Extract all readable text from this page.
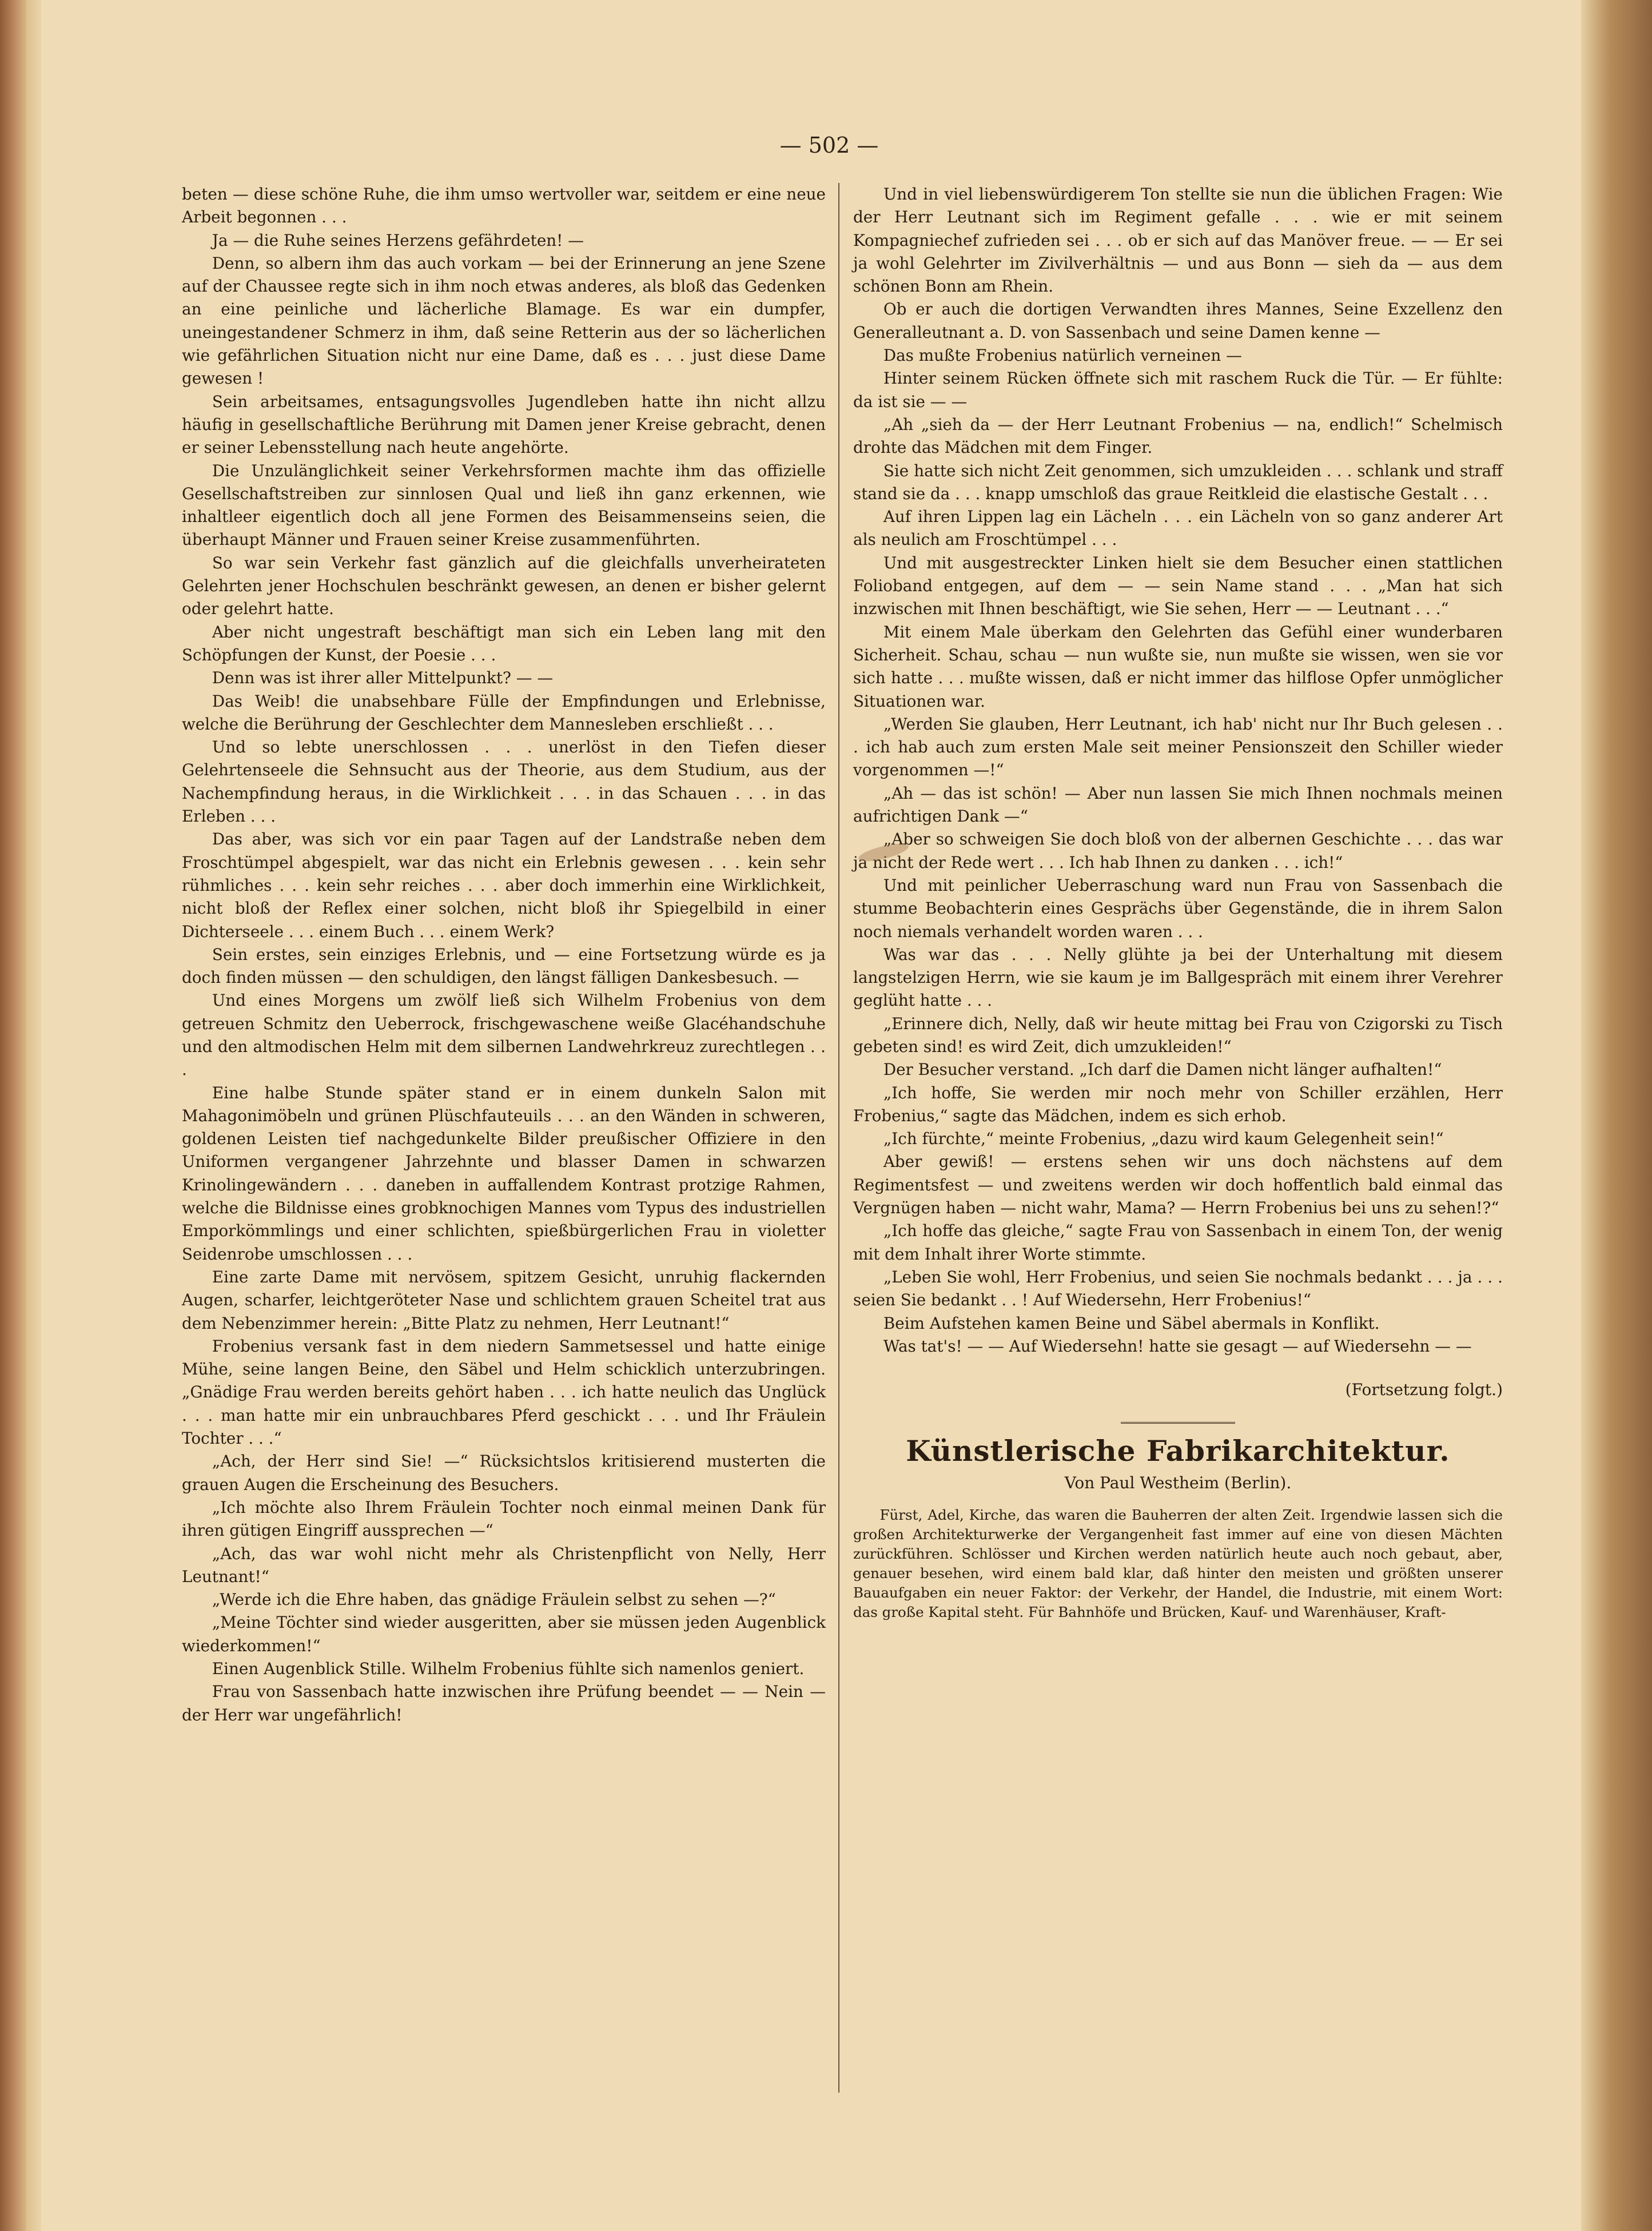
— 502 —

beten — diese schöne Ruhe, die ihm umso wertvoller war, seitdem er eine neue Arbeit begonnen . . .

Ja — die Ruhe seines Herzens gefährdeten! —

Denn, so albern ihm das auch vorkam — bei der Erinnerung an jene Szene auf der Chaussee regte sich in ihm noch etwas anderes, als bloß das Gedenken an eine peinliche und lächerliche Blamage. Es war ein dumpfer, uneingestandener Schmerz in ihm, daß seine Retterin aus der so lächerlichen wie gefährlichen Situation nicht nur eine Dame, daß es . . . just diese Dame gewesen !

Sein arbeitsames, entsagungsvolles Jugendleben hatte ihn nicht allzu häufig in gesellschaftliche Berührung mit Damen jener Kreise gebracht, denen er seiner Lebensstellung nach heute angehörte.

Die Unzulänglichkeit seiner Verkehrsformen machte ihm das offizielle Gesellschaftstreiben zur sinnlosen Qual und ließ ihn ganz erkennen, wie inhaltleer eigentlich doch all jene Formen des Beisammenseins seien, die überhaupt Männer und Frauen seiner Kreise zusammenführten.

So war sein Verkehr fast gänzlich auf die gleichfalls unverheirateten Gelehrten jener Hochschulen beschränkt gewesen, an denen er bisher gelernt oder gelehrt hatte.

Aber nicht ungestraft beschäftigt man sich ein Leben lang mit den Schöpfungen der Kunst, der Poesie . . .

Denn was ist ihrer aller Mittelpunkt? — —

Das Weib! die unabsehbare Fülle der Empfindungen und Erlebnisse, welche die Berührung der Geschlechter dem Mannesleben erschließt . . .

Und so lebte unerschlossen . . . unerlöst in den Tiefen dieser Gelehrtenseele die Sehnsucht aus der Theorie, aus dem Studium, aus der Nachempfindung heraus, in die Wirklichkeit . . . in das Schauen . . . in das Erleben . . .

Das aber, was sich vor ein paar Tagen auf der Landstraße neben dem Froschtümpel abgespielt, war das nicht ein Erlebnis gewesen . . . kein sehr rühmliches . . . kein sehr reiches . . . aber doch immerhin eine Wirklichkeit, nicht bloß der Reflex einer solchen, nicht bloß ihr Spiegelbild in einer Dichterseele . . . einem Buch . . . einem Werk?

Sein erstes, sein einziges Erlebnis, und — eine Fortsetzung würde es ja doch finden müssen — den schuldigen, den längst fälligen Dankesbesuch. —

Und eines Morgens um zwölf ließ sich Wilhelm Frobenius von dem getreuen Schmitz den Ueberrock, frischgewaschene weiße Glacéhandschuhe und den altmodischen Helm mit dem silbernen Landwehrkreuz zurechtlegen . . .

Eine halbe Stunde später stand er in einem dunkeln Salon mit Mahagonimöbeln und grünen Plüschfauteuils . . . an den Wänden in schweren, goldenen Leisten tief nachgedunkelte Bilder preußischer Offiziere in den Uniformen vergangener Jahrzehnte und blasser Damen in schwarzen Krinolingewändern . . . daneben in auffallendem Kontrast protzige Rahmen, welche die Bildnisse eines grobknochigen Mannes vom Typus des industriellen Emporkömmlings und einer schlichten, spießbürgerlichen Frau in violetter Seidenrobe umschlossen . . .

Eine zarte Dame mit nervösem, spitzem Gesicht, unruhig flackernden Augen, scharfer, leichtgeröteter Nase und schlichtem grauen Scheitel trat aus dem Nebenzimmer herein: „Bitte Platz zu nehmen, Herr Leutnant!“

Frobenius versank fast in dem niedern Sammetsessel und hatte einige Mühe, seine langen Beine, den Säbel und Helm schicklich unterzubringen. „Gnädige Frau werden bereits gehört haben . . . ich hatte neulich das Unglück . . . man hatte mir ein unbrauchbares Pferd geschickt . . . und Ihr Fräulein Tochter . . .“

„Ach, der Herr sind Sie! —“ Rücksichtslos kritisierend musterten die grauen Augen die Erscheinung des Besuchers.

„Ich möchte also Ihrem Fräulein Tochter noch einmal meinen Dank für ihren gütigen Eingriff aussprechen —“

„Ach, das war wohl nicht mehr als Christenpflicht von Nelly, Herr Leutnant!“

„Werde ich die Ehre haben, das gnädige Fräulein selbst zu sehen —?“

„Meine Töchter sind wieder ausgeritten, aber sie müssen jeden Augenblick wiederkommen!“

Einen Augenblick Stille. Wilhelm Frobenius fühlte sich namenlos geniert.

Frau von Sassenbach hatte inzwischen ihre Prüfung beendet — — Nein — der Herr war ungefährlich!

Und in viel liebenswürdigerem Ton stellte sie nun die üblichen Fragen: Wie der Herr Leutnant sich im Regiment gefalle . . . wie er mit seinem Kompagniechef zufrieden sei . . . ob er sich auf das Manöver freue. — — Er sei ja wohl Gelehrter im Zivilverhältnis — und aus Bonn — sieh da — aus dem schönen Bonn am Rhein.

Ob er auch die dortigen Verwandten ihres Mannes, Seine Exzellenz den Generalleutnant a. D. von Sassenbach und seine Damen kenne —

Das mußte Frobenius natürlich verneinen —

Hinter seinem Rücken öffnete sich mit raschem Ruck die Tür. — Er fühlte: da ist sie — —

„Ah „sieh da — der Herr Leutnant Frobenius — na, endlich!“ Schelmisch drohte das Mädchen mit dem Finger.

Sie hatte sich nicht Zeit genommen, sich umzukleiden . . . schlank und straff stand sie da . . . knapp umschloß das graue Reitkleid die elastische Gestalt . . .

Auf ihren Lippen lag ein Lächeln . . . ein Lächeln von so ganz anderer Art als neulich am Froschtümpel . . .

Und mit ausgestreckter Linken hielt sie dem Besucher einen stattlichen Folioband entgegen, auf dem — — sein Name stand . . . „Man hat sich inzwischen mit Ihnen beschäftigt, wie Sie sehen, Herr — — Leutnant . . .“

Mit einem Male überkam den Gelehrten das Gefühl einer wunderbaren Sicherheit. Schau, schau — nun wußte sie, nun mußte sie wissen, wen sie vor sich hatte . . . mußte wissen, daß er nicht immer das hilflose Opfer unmöglicher Situationen war.

„Werden Sie glauben, Herr Leutnant, ich hab' nicht nur Ihr Buch gelesen . . . ich hab auch zum ersten Male seit meiner Pensionszeit den Schiller wieder vorgenommen —!“

„Ah — das ist schön! — Aber nun lassen Sie mich Ihnen nochmals meinen aufrichtigen Dank —“

„Aber so schweigen Sie doch bloß von der albernen Geschichte . . . das war ja nicht der Rede wert . . . Ich hab Ihnen zu danken . . . ich!“

Und mit peinlicher Ueberraschung ward nun Frau von Sassenbach die stumme Beobachterin eines Gesprächs über Gegenstände, die in ihrem Salon noch niemals verhandelt worden waren . . .

Was war das . . . Nelly glühte ja bei der Unterhaltung mit diesem langstelzigen Herrn, wie sie kaum je im Ballgespräch mit einem ihrer Verehrer geglüht hatte . . .

„Erinnere dich, Nelly, daß wir heute mittag bei Frau von Czigorski zu Tisch gebeten sind! es wird Zeit, dich umzukleiden!“

Der Besucher verstand. „Ich darf die Damen nicht länger aufhalten!“

„Ich hoffe, Sie werden mir noch mehr von Schiller erzählen, Herr Frobenius,“ sagte das Mädchen, indem es sich erhob.

„Ich fürchte,“ meinte Frobenius, „dazu wird kaum Gelegenheit sein!“

Aber gewiß! — erstens sehen wir uns doch nächstens auf dem Regimentsfest — und zweitens werden wir doch hoffentlich bald einmal das Vergnügen haben — nicht wahr, Mama? — Herrn Frobenius bei uns zu sehen!?“

„Ich hoffe das gleiche,“ sagte Frau von Sassenbach in einem Ton, der wenig mit dem Inhalt ihrer Worte stimmte.

„Leben Sie wohl, Herr Frobenius, und seien Sie nochmals bedankt . . . ja . . . seien Sie bedankt . . ! Auf Wiedersehn, Herr Frobenius!“

Beim Aufstehen kamen Beine und Säbel abermals in Konflikt.

Was tat's! — — Auf Wiedersehn! hatte sie gesagt — auf Wiedersehn — —

(Fortsetzung folgt.)
Künstlerische Fabrikarchitektur.
Von Paul Westheim (Berlin).

Fürst, Adel, Kirche, das waren die Bauherren der alten Zeit. Irgendwie lassen sich die großen Architekturwerke der Vergangenheit fast immer auf eine von diesen Mächten zurückführen. Schlösser und Kirchen werden natürlich heute auch noch gebaut, aber, genauer besehen, wird einem bald klar, daß hinter den meisten und größten unserer Bauaufgaben ein neuer Faktor: der Verkehr, der Handel, die Industrie, mit einem Wort: das große Kapital steht. Für Bahnhöfe und Brücken, Kauf- und Warenhäuser, Kraft-
